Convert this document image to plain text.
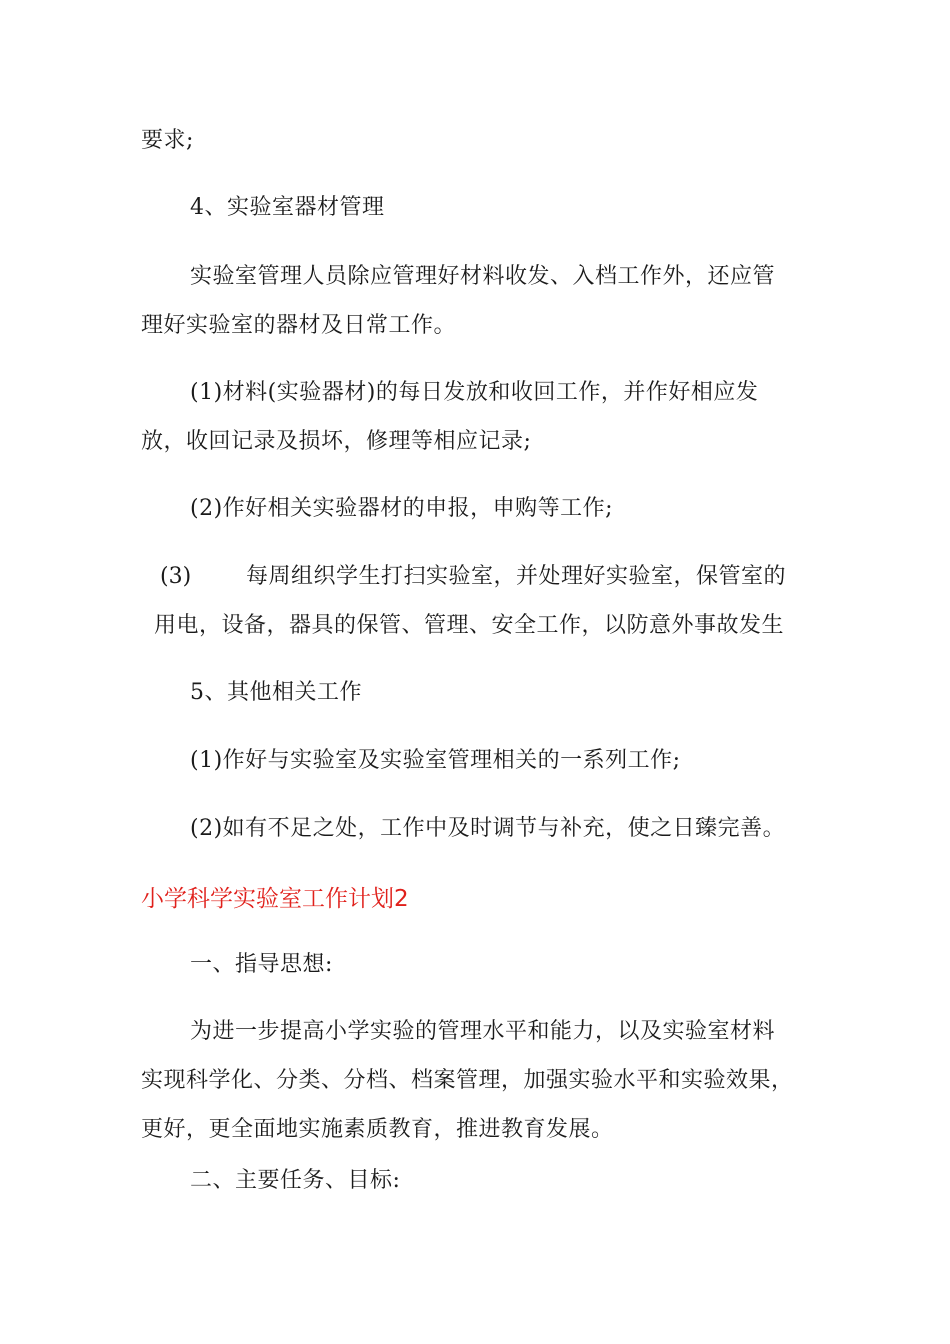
要求;
4、实验室器材管理
实验室管理人员除应管理好材料收发、入档工作外，还应管
理好实验室的器材及日常工作。
(1)材料(实验器材)的每日发放和收回工作，并作好相应发
放，收回记录及损坏，修理等相应记录;
(2)作好相关实验器材的申报，申购等工作;
(3) 每周组织学生打扫实验室，并处理好实验室，保管室的
用电，设备，器具的保管、管理、安全工作，以防意外事故发生
5、其他相关工作
(1)作好与实验室及实验室管理相关的一系列工作;
(2)如有不足之处，工作中及时调节与补充，使之日臻完善。
小学科学实验室工作计划2
一、指导思想:
为进一步提高小学实验的管理水平和能力，以及实验室材料
实现科学化、分类、分档、档案管理，加强实验水平和实验效果，
更好，更全面地实施素质教育，推进教育发展。
二、主要任务、目标:
